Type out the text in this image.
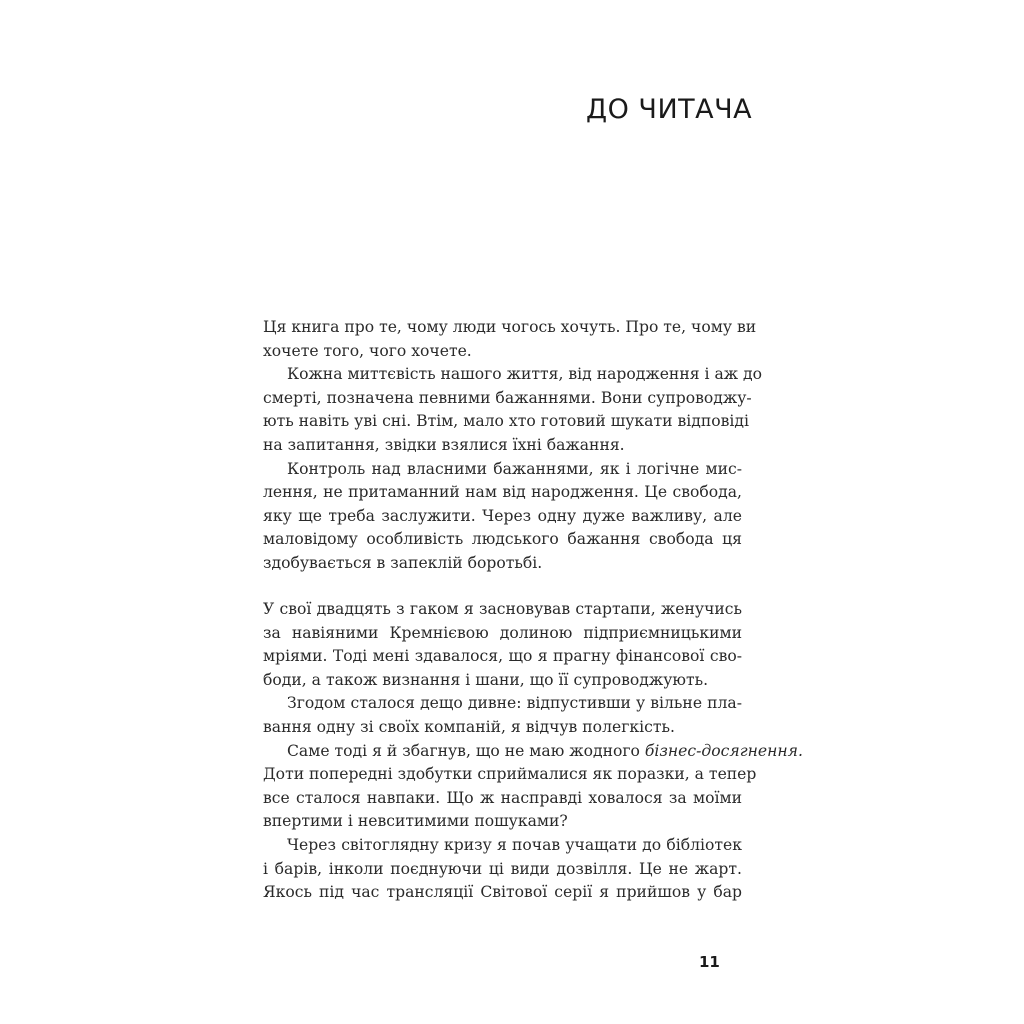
ДО ЧИТАЧА
Ця книга про те, чому люди чогось хочуть. Про те, чому ви
хочете того, чого хочете.
Кожна миттєвість нашого життя, від народження і аж до
смерті, позначена певними бажаннями. Вони супроводжу-
ють навіть уві сні. Втім, мало хто готовий шукати відповіді
на запитання, звідки взялися їхні бажання.
Контроль над власними бажаннями, як і логічне мис-
лення, не притаманний нам від народження. Це свобода,
яку ще треба заслужити. Через одну дуже важливу, але
маловідому особливість людського бажання свобода ця
здобувається в запеклій боротьбі.
У свої двадцять з гаком я засновував стартапи, женучись
за навіяними Кремнієвою долиною підприємницькими
мріями. Тоді мені здавалося, що я прагну фінансової сво-
боди, а також визнання і шани, що її супроводжують.
Згодом сталося дещо дивне: відпустивши у вільне пла-
вання одну зі своїх компаній, я відчув полегкість.
Саме тоді я й збагнув, що не маю жодного бізнес-досягнення.
Доти попередні здобутки сприймалися як поразки, а тепер
все сталося навпаки. Що ж насправді ховалося за моїми
впертими і невситимими пошуками?
Через світоглядну кризу я почав учащати до бібліотек
і барів, інколи поєднуючи ці види дозвілля. Це не жарт.
Якось під час трансляції Світової серії я прийшов у бар
11
